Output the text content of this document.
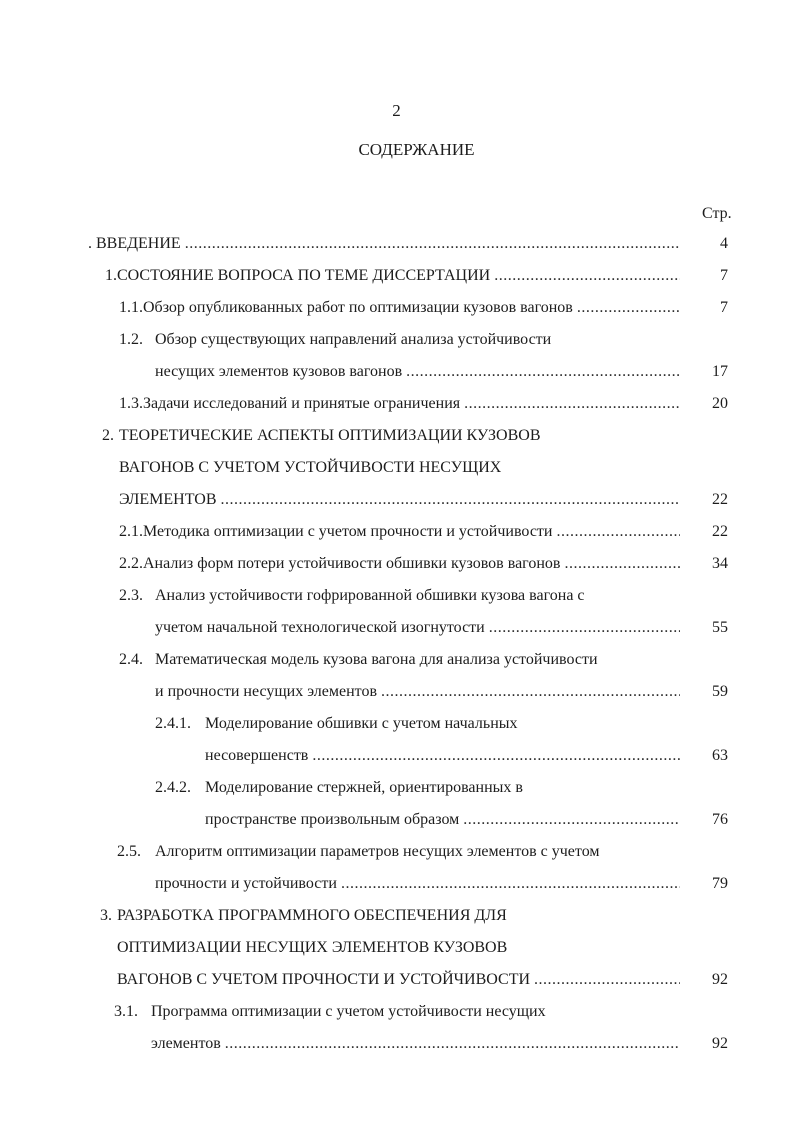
2
СОДЕРЖАНИЕ
Стр.
. ВВЕДЕНИЕ .....	4
1. СОСТОЯНИЕ ВОПРОСА ПО ТЕМЕ ДИССЕРТАЦИИ .....	7
1.1. Обзор опубликованных работ по оптимизации кузовов вагонов .....	7
1.2. Обзор существующих направлений анализа устойчивости
несущих элементов кузовов вагонов .....	17
1.3. Задачи исследований и принятые ограничения .....	20
2. ТЕОРЕТИЧЕСКИЕ АСПЕКТЫ ОПТИМИЗАЦИИ КУЗОВОВ
ВАГОНОВ С УЧЕТОМ УСТОЙЧИВОСТИ НЕСУЩИХ
ЭЛЕМЕНТОВ .....	22
2.1. Методика оптимизации с учетом прочности и устойчивости .....	22
2.2. Анализ форм потери устойчивости обшивки кузовов вагонов .....	34
2.3. Анализ устойчивости гофрированной обшивки кузова вагона с
учетом начальной технологической изогнутости .....	55
2.4. Математическая модель кузова вагона для анализа устойчивости
и прочности несущих элементов .....	59
2.4.1. Моделирование обшивки с учетом начальных
несовершенств .....	63
2.4.2. Моделирование стержней, ориентированных в
пространстве произвольным образом .....	76
2.5. Алгоритм оптимизации параметров несущих элементов с учетом
прочности и устойчивости .....	79
3. РАЗРАБОТКА ПРОГРАММНОГО ОБЕСПЕЧЕНИЯ ДЛЯ
ОПТИМИЗАЦИИ НЕСУЩИХ ЭЛЕМЕНТОВ КУЗОВОВ
ВАГОНОВ С УЧЕТОМ ПРОЧНОСТИ И УСТОЙЧИВОСТИ .....	92
3.1. Программа оптимизации с учетом устойчивости несущих
элементов .....	92
